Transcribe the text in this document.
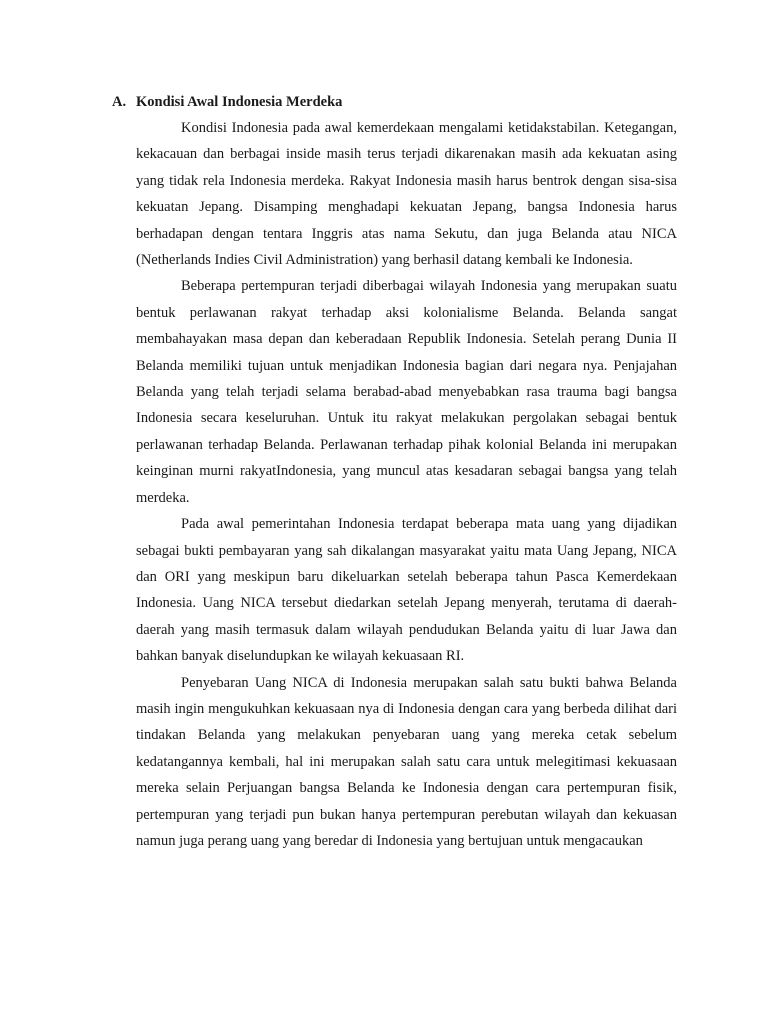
A. Kondisi Awal Indonesia Merdeka

Kondisi Indonesia pada awal kemerdekaan mengalami ketidakstabilan. Ketegangan, kekacauan dan berbagai inside masih terus terjadi dikarenakan masih ada kekuatan asing yang tidak rela Indonesia merdeka. Rakyat Indonesia masih harus bentrok dengan sisa-sisa kekuatan Jepang. Disamping menghadapi kekuatan Jepang, bangsa Indonesia harus berhadapan dengan tentara Inggris atas nama Sekutu, dan juga Belanda atau NICA (Netherlands Indies Civil Administration) yang berhasil datang kembali ke Indonesia.

Beberapa pertempuran terjadi diberbagai wilayah Indonesia yang merupakan suatu bentuk perlawanan rakyat terhadap aksi kolonialisme Belanda. Belanda sangat membahayakan masa depan dan keberadaan Republik Indonesia. Setelah perang Dunia II Belanda memiliki tujuan untuk menjadikan Indonesia bagian dari negara nya. Penjajahan Belanda yang telah terjadi selama berabad-abad menyebabkan rasa trauma bagi bangsa Indonesia secara keseluruhan. Untuk itu rakyat melakukan pergolakan sebagai bentuk perlawanan terhadap Belanda. Perlawanan terhadap pihak kolonial Belanda ini merupakan keinginan murni rakyatIndonesia, yang muncul atas kesadaran sebagai bangsa yang telah merdeka.

Pada awal pemerintahan Indonesia terdapat beberapa mata uang yang dijadikan sebagai bukti pembayaran yang sah dikalangan masyarakat yaitu mata Uang Jepang, NICA dan ORI yang meskipun baru dikeluarkan setelah beberapa tahun Pasca Kemerdekaan Indonesia. Uang NICA tersebut diedarkan setelah Jepang menyerah, terutama di daerah-daerah yang masih termasuk dalam wilayah pendudukan Belanda yaitu di luar Jawa dan bahkan banyak diselundupkan ke wilayah kekuasaan RI.

Penyebaran Uang NICA di Indonesia merupakan salah satu bukti bahwa Belanda masih ingin mengukuhkan kekuasaan nya di Indonesia dengan cara yang berbeda dilihat dari tindakan Belanda yang melakukan penyebaran uang yang mereka cetak sebelum kedatangannya kembali, hal ini merupakan salah satu cara untuk melegitimasi kekuasaan mereka selain Perjuangan bangsa Belanda ke Indonesia dengan cara pertempuran fisik, pertempuran yang terjadi pun bukan hanya pertempuran perebutan wilayah dan kekuasan namun juga perang uang yang beredar di Indonesia yang bertujuan untuk mengacaukan
